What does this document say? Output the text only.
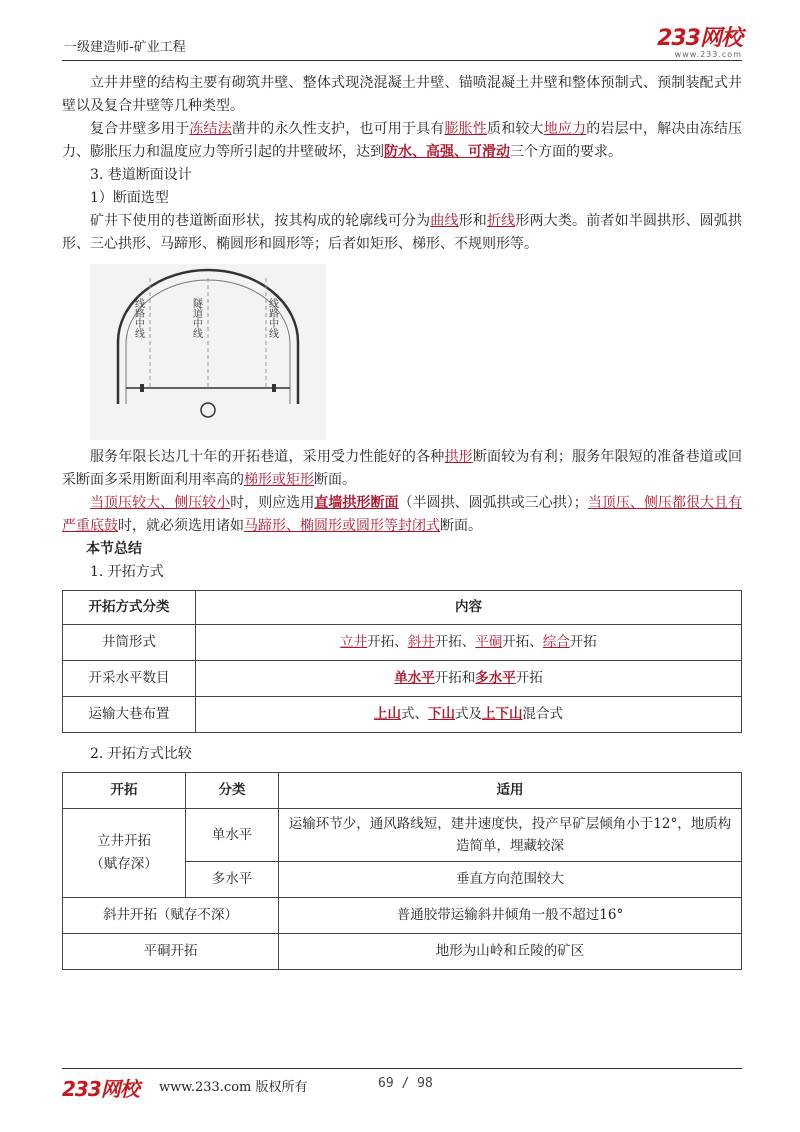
一级建造师-矿业工程	233网校
www.233.com

立井井壁的结构主要有砌筑井壁、整体式现浇混凝土井壁、锚喷混凝土井壁和整体预制式、预制装配式井壁以及复合井壁等几种类型。

复合井壁多用于冻结法凿井的永久性支护，也可用于具有膨胀性质和较大地应力的岩层中，解决由冻结压力、膨胀压力和温度应力等所引起的井壁破坏，达到防水、高强、可滑动三个方面的要求。

3. 巷道断面设计

1）断面选型

矿井下使用的巷道断面形状，按其构成的轮廓线可分为曲线形和折线形两大类。前者如半圆拱形、圆弧拱形、三心拱形、马蹄形、椭圆形和圆形等；后者如矩形、梯形、不规则形等。

线路中线	隧道中线	线路中线

服务年限长达几十年的开拓巷道，采用受力性能好的各种拱形断面较为有利；服务年限短的准备巷道或回采断面多采用断面利用率高的梯形或矩形断面。

当顶压较大、侧压较小时，则应选用直墙拱形断面（半圆拱、圆弧拱或三心拱）；当顶压、侧压都很大且有严重底鼓时，就必须选用诸如马蹄形、椭圆形或圆形等封闭式断面。

本节总结

1. 开拓方式

开拓方式分类	内容
井筒形式	立井开拓、斜井开拓、平硐开拓、综合开拓
开采水平数目	单水平开拓和多水平开拓
运输大巷布置	上山式、下山式及上下山混合式

2. 开拓方式比较

开拓	分类	适用
立井开拓
（赋存深）	单水平	运输环节少，通风路线短，建井速度快，投产早矿层倾角小于12°，地质构造简单，埋藏较深
	多水平	垂直方向范围较大
斜井开拓（赋存不深）		普通胶带运输斜井倾角一般不超过16°
平硐开拓		地形为山岭和丘陵的矿区
233网校 www.233.com 版权所有	69 / 98
